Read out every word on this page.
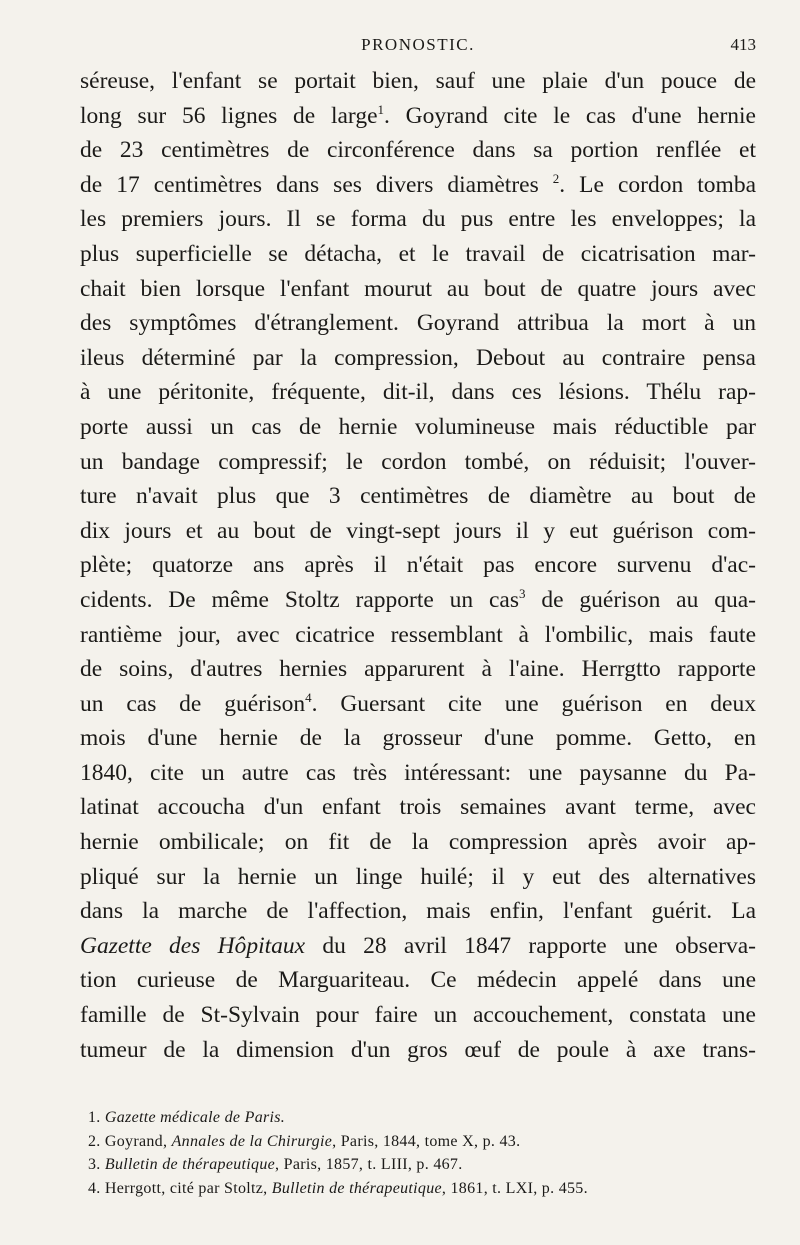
PRONOSTIC.	413
séreuse, l'enfant se portait bien, sauf une plaie d'un pouce de
long sur 56 lignes de large$^1$. Goyrand cite le cas d'une hernie
de 23 centimètres de circonférence dans sa portion renflée et
de 17 centimètres dans ses divers diamètres $^2$. Le cordon tomba
les premiers jours. Il se forma du pus entre les enveloppes; la
plus superficielle se détacha, et le travail de cicatrisation mar-
chait bien lorsque l'enfant mourut au bout de quatre jours avec
des symptômes d'étranglement. Goyrand attribua la mort à un
ileus déterminé par la compression, Debout au contraire pensa
à une péritonite, fréquente, dit-il, dans ces lésions. Thélu rap-
porte aussi un cas de hernie volumineuse mais réductible par
un bandage compressif; le cordon tombé, on réduisit; l'ouver-
ture n'avait plus que 3 centimètres de diamètre au bout de
dix jours et au bout de vingt-sept jours il y eut guérison com-
plète; quatorze ans après il n'était pas encore survenu d'ac-
cidents. De même Stoltz rapporte un cas$^3$ de guérison au qua-
rantième jour, avec cicatrice ressemblant à l'ombilic, mais faute
de soins, d'autres hernies apparurent à l'aine. Herrgtto rapporte
un cas de guérison$^4$. Guersant cite une guérison en deux
mois d'une hernie de la grosseur d'une pomme. Getto, en
1840, cite un autre cas très intéressant: une paysanne du Pa-
latinat accoucha d'un enfant trois semaines avant terme, avec
hernie ombilicale; on fit de la compression après avoir ap-
pliqué sur la hernie un linge huilé; il y eut des alternatives
dans la marche de l'affection, mais enfin, l'enfant guérit. La
Gazette des Hôpitaux du 28 avril 1847 rapporte une observa-
tion curieuse de Marguariteau. Ce médecin appelé dans une
famille de St-Sylvain pour faire un accouchement, constata une
tumeur de la dimension d'un gros œuf de poule à axe trans-
1. Gazette médicale de Paris.
2. Goyrand, Annales de la Chirurgie, Paris, 1844, tome X, p. 43.
3. Bulletin de thérapeutique, Paris, 1857, t. LIII, p. 467.
4. Herrgott, cité par Stoltz, Bulletin de thérapeutique, 1861, t. LXI, p. 455.
